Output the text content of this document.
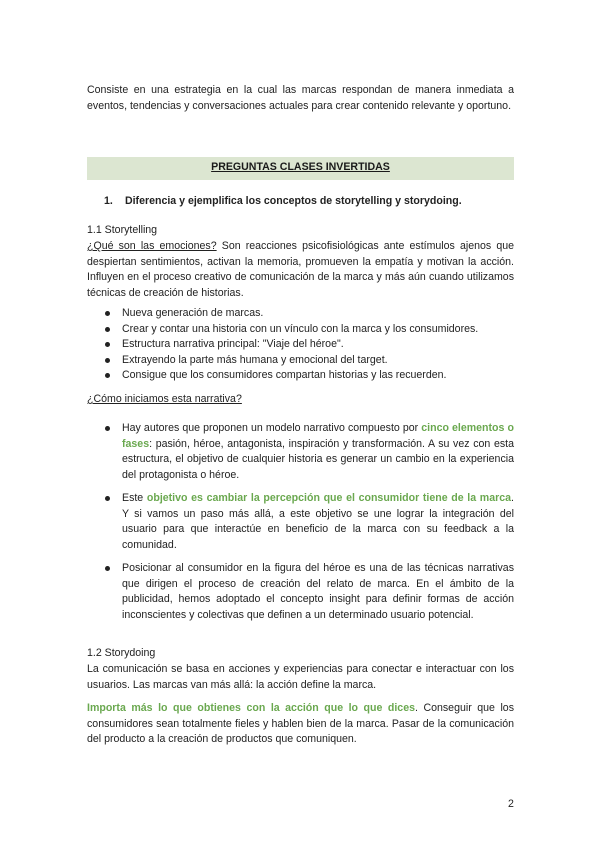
Consiste en una estrategia en la cual las marcas respondan de manera inmediata a eventos, tendencias y conversaciones actuales para crear contenido relevante y oportuno.

PREGUNTAS CLASES INVERTIDAS
1. Diferencia y ejemplifica los conceptos de storytelling y storydoing.
1.1 Storytelling

¿Qué son las emociones? Son reacciones psicofisiológicas ante estímulos ajenos que despiertan sentimientos, activan la memoria, promueven la empatía y motivan la acción. Influyen en el proceso creativo de comunicación de la marca y más aún cuando utilizamos técnicas de creación de historias.

Nueva generación de marcas.
Crear y contar una historia con un vínculo con la marca y los consumidores.
Estructura narrativa principal: "Viaje del héroe".
Extrayendo la parte más humana y emocional del target.
Consigue que los consumidores compartan historias y las recuerden.
¿Cómo iniciamos esta narrativa?
Hay autores que proponen un modelo narrativo compuesto por cinco elementos o fases: pasión, héroe, antagonista, inspiración y transformación. A su vez con esta estructura, el objetivo de cualquier historia es generar un cambio en la experiencia del protagonista o héroe.
Este objetivo es cambiar la percepción que el consumidor tiene de la marca. Y si vamos un paso más allá, a este objetivo se une lograr la integración del usuario para que interactúe en beneficio de la marca con su feedback a la comunidad.
Posicionar al consumidor en la figura del héroe es una de las técnicas narrativas que dirigen el proceso de creación del relato de marca. En el ámbito de la publicidad, hemos adoptado el concepto insight para definir formas de acción inconscientes y colectivas que definen a un determinado usuario potencial.
1.2 Storydoing

La comunicación se basa en acciones y experiencias para conectar e interactuar con los usuarios. Las marcas van más allá: la acción define la marca.

Importa más lo que obtienes con la acción que lo que dices. Conseguir que los consumidores sean totalmente fieles y hablen bien de la marca. Pasar de la comunicación del producto a la creación de productos que comuniquen.

2
